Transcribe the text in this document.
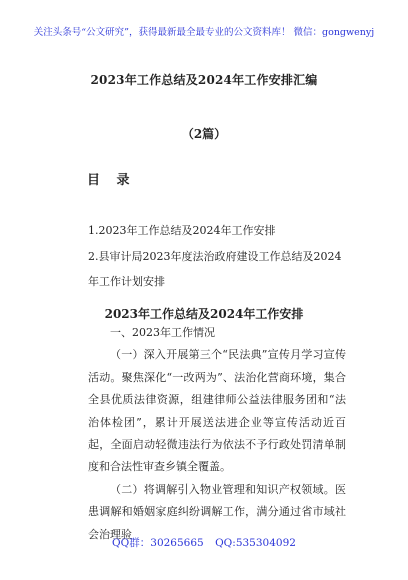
关注头条号“公文研究”，获得最新最全最专业的公文资料库！ 微信：gongwenyj
2023年工作总结及2024年工作安排汇编
（2篇）
目 录

1.2023年工作总结及2024年工作安排

2.县审计局2023年度法治政府建设工作总结及2024年工作计划安排

2023年工作总结及2024年工作安排

一、2023年工作情况

（一）深入开展第三个“民法典”宣传月学习宣传活动。聚焦深化“一改两为”、法治化营商环境，集合全县优质法律资源，组建律师公益法律服务团和“法治体检团”，累计开展送法进企业等宣传活动近百起，全面启动轻微违法行为依法不予行政处罚清单制度和合法性审查乡镇全覆盖。

（二）将调解引入物业管理和知识产权领域。医患调解和婚姻家庭纠纷调解工作，满分通过省市域社会治理验

QQ群：30265665 QQ:535304092
